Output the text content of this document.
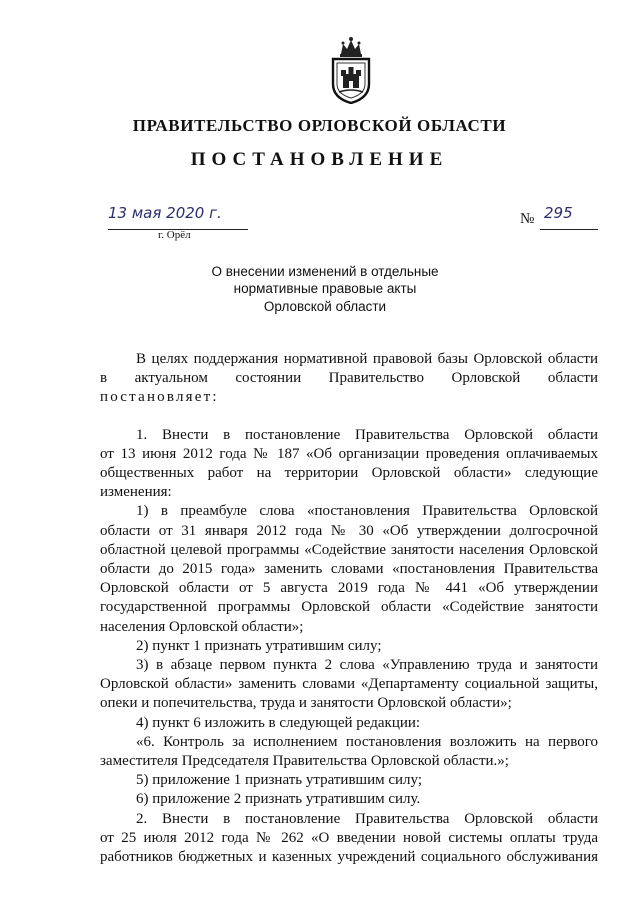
ПРАВИТЕЛЬСТВО ОРЛОВСКОЙ ОБЛАСТИ
ПОСТАНОВЛЕНИЕ
13 мая 2020 г.
г. Орёл
№ 295
О внесении изменений в отдельные
нормативные правовые акты
Орловской области
В целях поддержания нормативной правовой базы Орловской области
в актуальном состоянии Правительство Орловской области
постановляет:
1. Внести в постановление Правительства Орловской области
от 13 июня 2012 года № 187 «Об организации проведения оплачиваемых
общественных работ на территории Орловской области» следующие
изменения:
1) в преамбуле слова «постановления Правительства Орловской
области от 31 января 2012 года № 30 «Об утверждении долгосрочной
областной целевой программы «Содействие занятости населения Орловской
области до 2015 года» заменить словами «постановления Правительства
Орловской области от 5 августа 2019 года № 441 «Об утверждении
государственной программы Орловской области «Содействие занятости
населения Орловской области»;
2) пункт 1 признать утратившим силу;
3) в абзаце первом пункта 2 слова «Управлению труда и занятости
Орловской области» заменить словами «Департаменту социальной защиты,
опеки и попечительства, труда и занятости Орловской области»;
4) пункт 6 изложить в следующей редакции:
«6. Контроль за исполнением постановления возложить на первого
заместителя Председателя Правительства Орловской области.»;
5) приложение 1 признать утратившим силу;
6) приложение 2 признать утратившим силу.
2. Внести в постановление Правительства Орловской области
от 25 июля 2012 года № 262 «О введении новой системы оплаты труда
работников бюджетных и казенных учреждений социального обслуживания
